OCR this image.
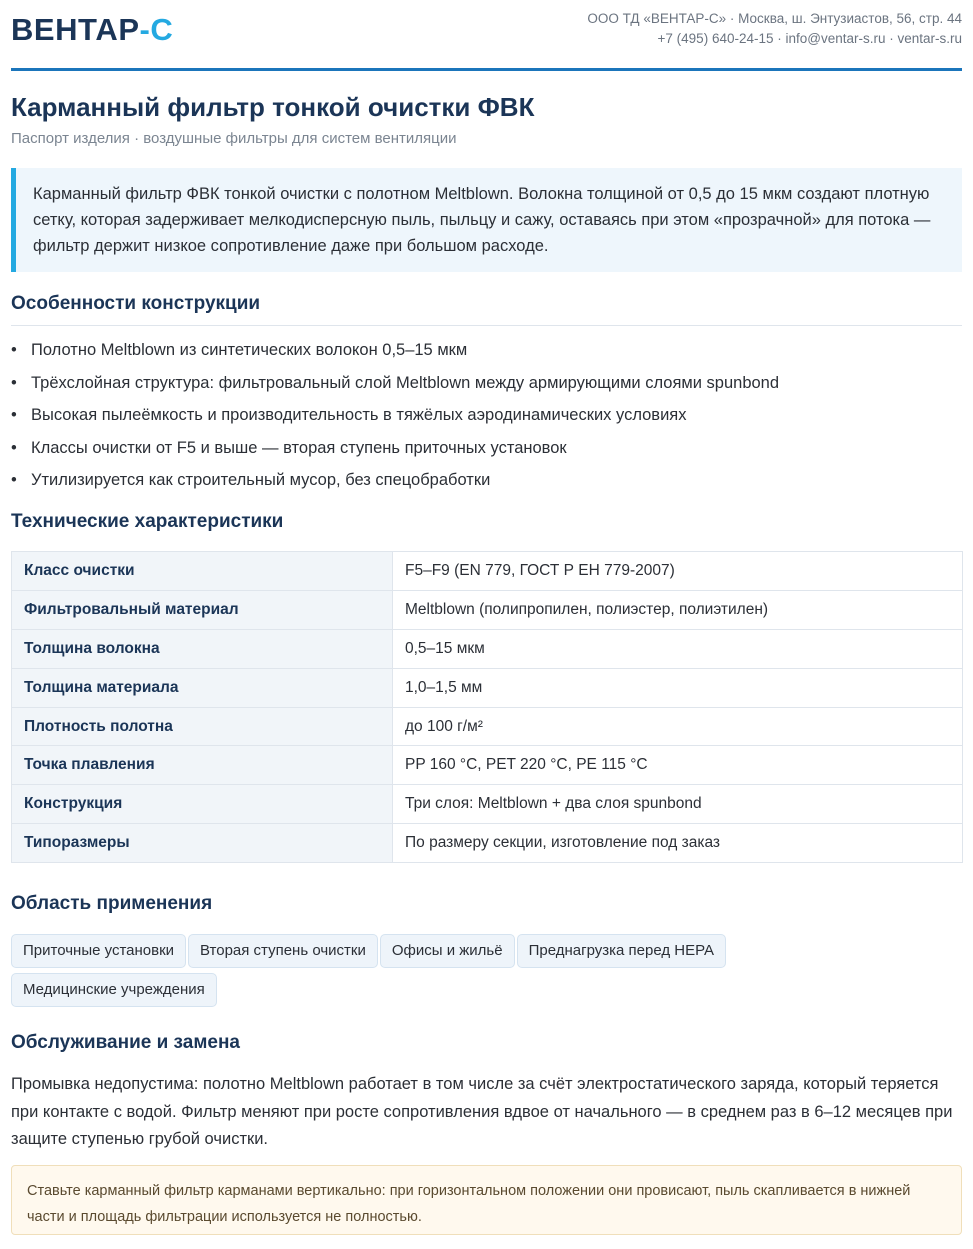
ВЕНТАР-С	ООО ТД «ВЕНТАР-С» · Москва, ш. Энтузиастов, 56, стр. 44
+7 (495) 640-24-15 · info@ventar-s.ru · ventar-s.ru
Карманный фильтр тонкой очистки ФВК
Паспорт изделия · воздушные фильтры для систем вентиляции
Карманный фильтр ФВК тонкой очистки с полотном Meltblown. Волокна толщиной от 0,5 до 15 мкм создают плотную сетку, которая задерживает мелкодисперсную пыль, пыльцу и сажу, оставаясь при этом «прозрачной» для потока — фильтр держит низкое сопротивление даже при большом расходе.
Особенности конструкции
• Полотно Meltblown из синтетических волокон 0,5–15 мкм
• Трёхслойная структура: фильтровальный слой Meltblown между армирующими слоями spunbond
• Высокая пылеёмкость и производительность в тяжёлых аэродинамических условиях
• Классы очистки от F5 и выше — вторая ступень приточных установок
• Утилизируется как строительный мусор, без спецобработки
Технические характеристики
Класс очистки	F5–F9 (EN 779, ГОСТ Р ЕН 779-2007)
Фильтровальный материал	Meltblown (полипропилен, полиэстер, полиэтилен)
Толщина волокна	0,5–15 мкм
Толщина материала	1,0–1,5 мм
Плотность полотна	до 100 г/м²
Точка плавления	PP 160 °C, PET 220 °C, PE 115 °C
Конструкция	Три слоя: Meltblown + два слоя spunbond
Типоразмеры	По размеру секции, изготовление под заказ
Область применения
Приточные установки Вторая ступень очистки Офисы и жильё Преднагрузка перед HEPA
Медицинские учреждения
Обслуживание и замена
Промывка недопустима: полотно Meltblown работает в том числе за счёт электростатического заряда, который теряется при контакте с водой. Фильтр меняют при росте сопротивления вдвое от начального — в среднем раз в 6–12 месяцев при защите ступенью грубой очистки.
Ставьте карманный фильтр карманами вертикально: при горизонтальном положении они провисают, пыль скапливается в нижней части и площадь фильтрации используется не полностью.
